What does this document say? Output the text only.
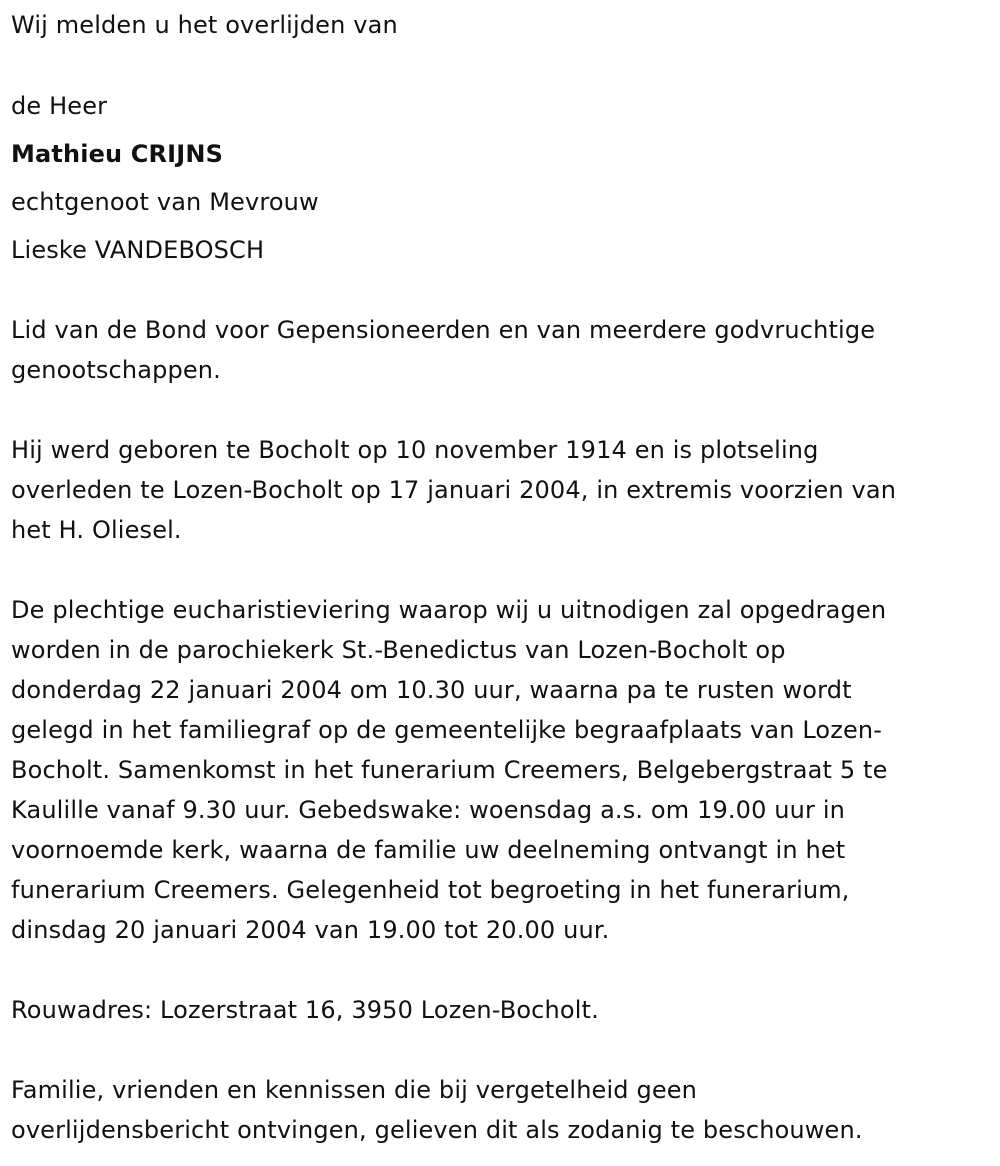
Wij melden u het overlijden van
de Heer
Mathieu CRIJNS
echtgenoot van Mevrouw
Lieske VANDEBOSCH
Lid van de Bond voor Gepensioneerden en van meerdere godvruchtige
genootschappen.
Hij werd geboren te Bocholt op 10 november 1914 en is plotseling
overleden te Lozen-Bocholt op 17 januari 2004, in extremis voorzien van
het H. Oliesel.
De plechtige eucharistieviering waarop wij u uitnodigen zal opgedragen
worden in de parochiekerk St.-Benedictus van Lozen-Bocholt op
donderdag 22 januari 2004 om 10.30 uur, waarna pa te rusten wordt
gelegd in het familiegraf op de gemeentelijke begraafplaats van Lozen-
Bocholt. Samenkomst in het funerarium Creemers, Belgebergstraat 5 te
Kaulille vanaf 9.30 uur. Gebedswake: woensdag a.s. om 19.00 uur in
voornoemde kerk, waarna de familie uw deelneming ontvangt in het
funerarium Creemers. Gelegenheid tot begroeting in het funerarium,
dinsdag 20 januari 2004 van 19.00 tot 20.00 uur.
Rouwadres: Lozerstraat 16, 3950 Lozen-Bocholt.
Familie, vrienden en kennissen die bij vergetelheid geen
overlijdensbericht ontvingen, gelieven dit als zodanig te beschouwen.
